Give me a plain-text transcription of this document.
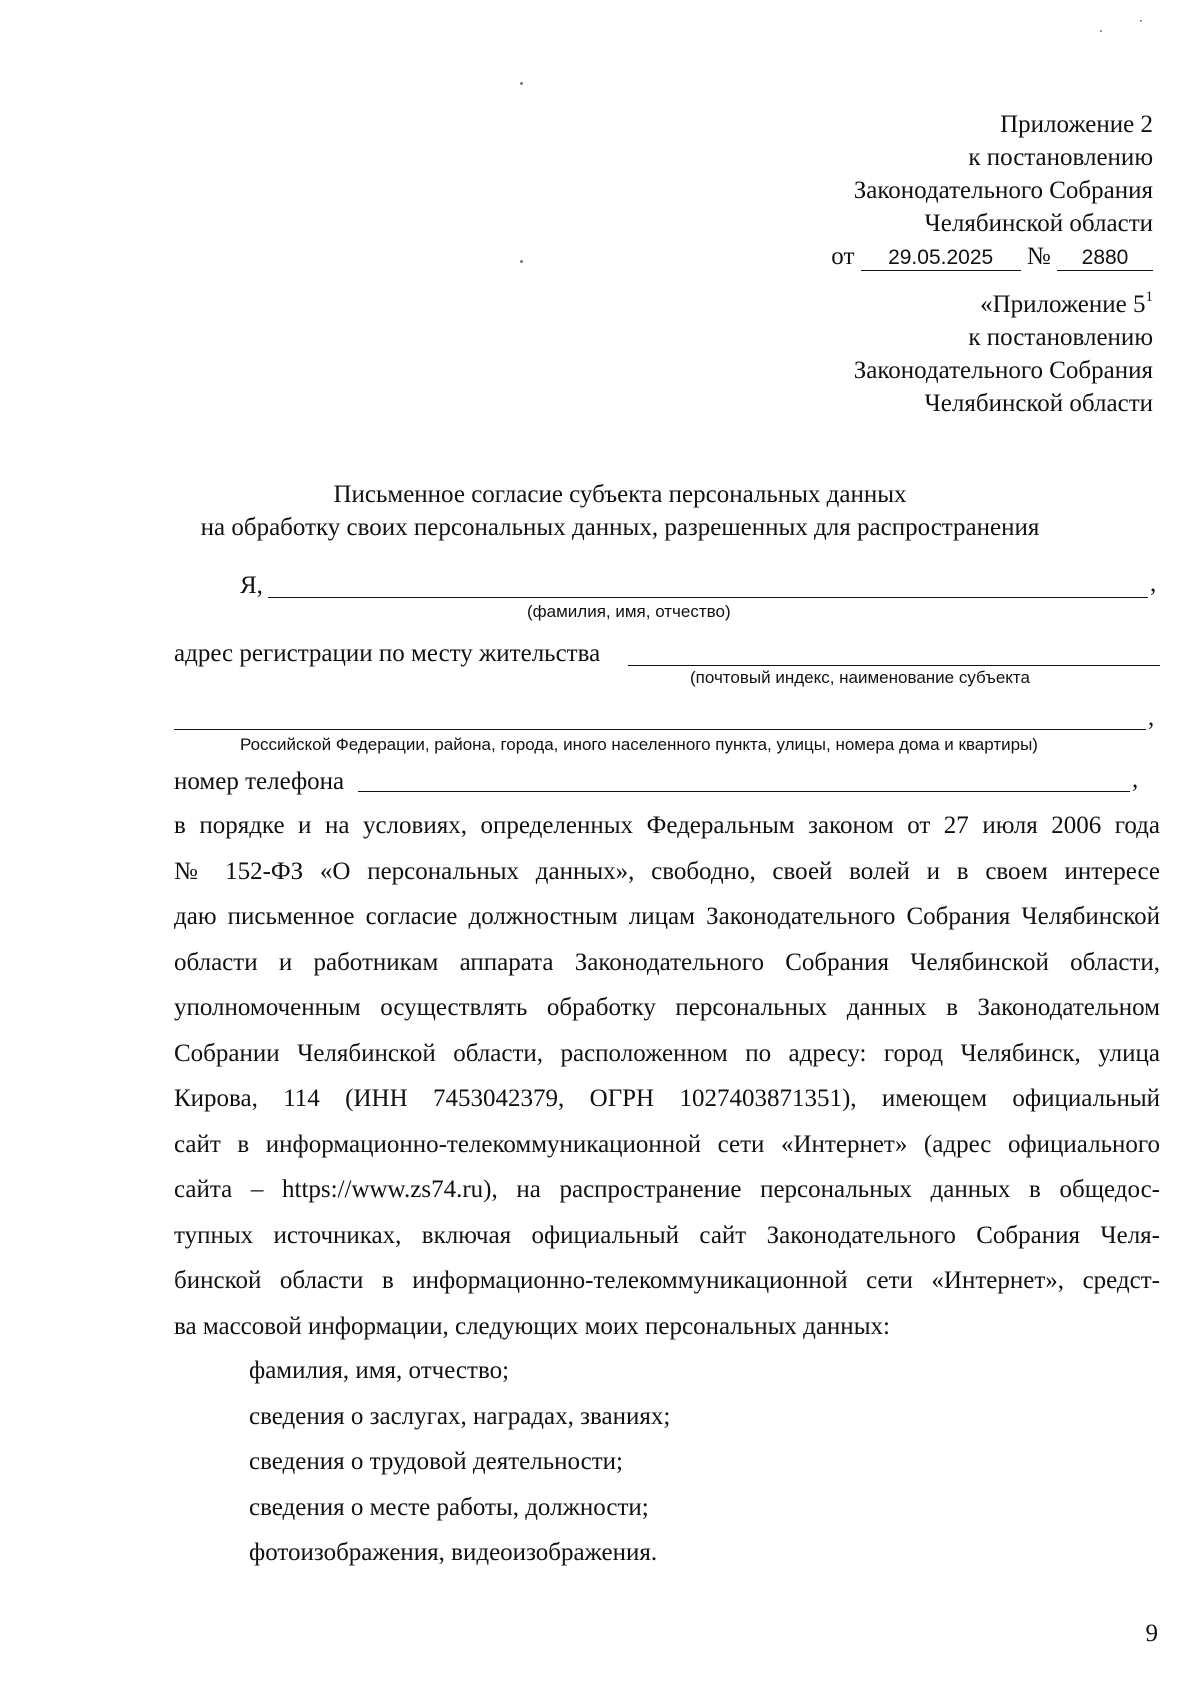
Приложение 2
к постановлению
Законодательного Собрания
Челябинской области
от 29.05.2025 № 2880
«Приложение $5^1$
к постановлению
Законодательного Собрания
Челябинской области
Письменное согласие субъекта персональных данных
на обработку своих персональных данных, разрешенных для распространения
Я,	,
(фамилия, имя, отчество)
адрес регистрации по месту жительства
(почтовый индекс, наименование субъекта
,
Российской Федерации, района, города, иного населенного пункта, улицы, номера дома и квартиры)
номер телефона	,
в порядке и на условиях, определенных Федеральным законом от 27 июля 2006 года
№ 152-ФЗ «О персональных данных», свободно, своей волей и в своем интересе
даю письменное согласие должностным лицам Законодательного Собрания Челябинской
области и работникам аппарата Законодательного Собрания Челябинской области,
уполномоченным осуществлять обработку персональных данных в Законодательном
Собрании Челябинской области, расположенном по адресу: город Челябинск, улица
Кирова, 114 (ИНН 7453042379, ОГРН 1027403871351), имеющем официальный
сайт в информационно-телекоммуникационной сети «Интернет» (адрес официального
сайта – https://www.zs74.ru), на распространение персональных данных в общедос-
тупных источниках, включая официальный сайт Законодательного Собрания Челя-
бинской области в информационно-телекоммуникационной сети «Интернет», средст-
ва массовой информации, следующих моих персональных данных:
фамилия, имя, отчество;
сведения о заслугах, наградах, званиях;
сведения о трудовой деятельности;
сведения о месте работы, должности;
фотоизображения, видеоизображения.
9
